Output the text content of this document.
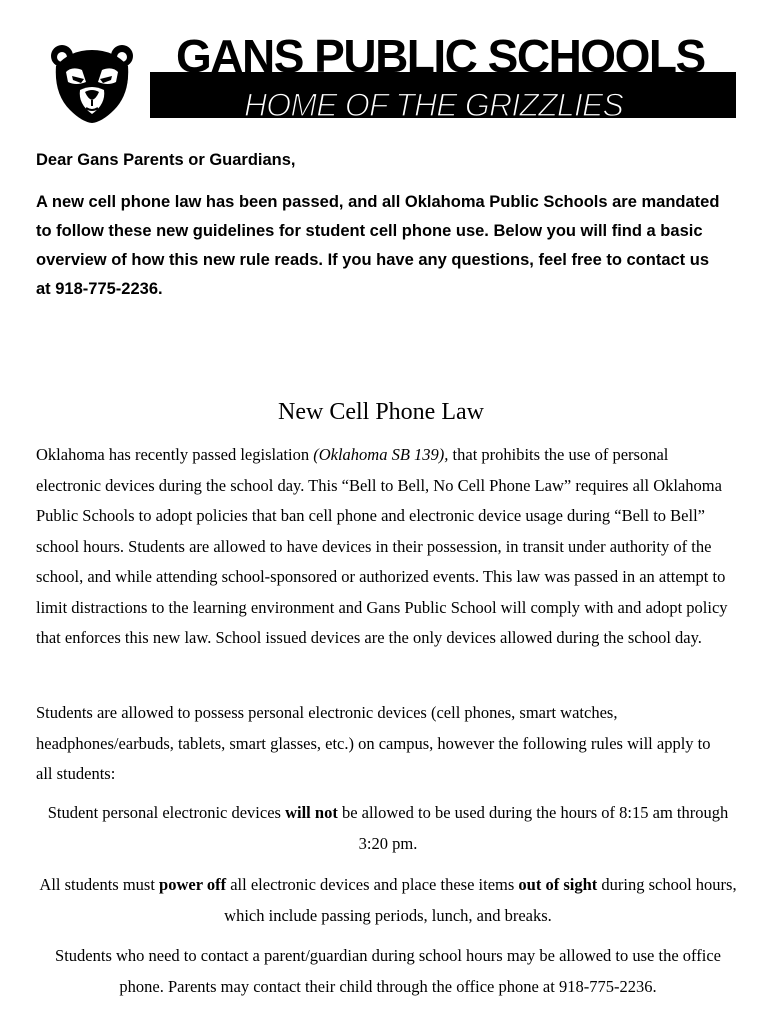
GANS PUBLIC SCHOOLS
HOME OF THE GRIZZLIES

Dear Gans Parents or Guardians,

A new cell phone law has been passed, and all Oklahoma Public Schools are mandated to follow these new guidelines for student cell phone use. Below you will find a basic overview of how this new rule reads. If you have any questions, feel free to contact us at 918-775-2236.

New Cell Phone Law

Oklahoma has recently passed legislation (Oklahoma SB 139), that prohibits the use of personal electronic devices during the school day. This “Bell to Bell, No Cell Phone Law” requires all Oklahoma Public Schools to adopt policies that ban cell phone and electronic device usage during “Bell to Bell” school hours. Students are allowed to have devices in their possession, in transit under authority of the school, and while attending school-sponsored or authorized events. This law was passed in an attempt to limit distractions to the learning environment and Gans Public School will comply with and adopt policy that enforces this new law. School issued devices are the only devices allowed during the school day.

Students are allowed to possess personal electronic devices (cell phones, smart watches, headphones/earbuds, tablets, smart glasses, etc.) on campus, however the following rules will apply to all students:

Student personal electronic devices will not be allowed to be used during the hours of 8:15 am through 3:20 pm.

All students must power off all electronic devices and place these items out of sight during school hours, which include passing periods, lunch, and breaks.

Students who need to contact a parent/guardian during school hours may be allowed to use the office phone. Parents may contact their child through the office phone at 918-775-2236.
